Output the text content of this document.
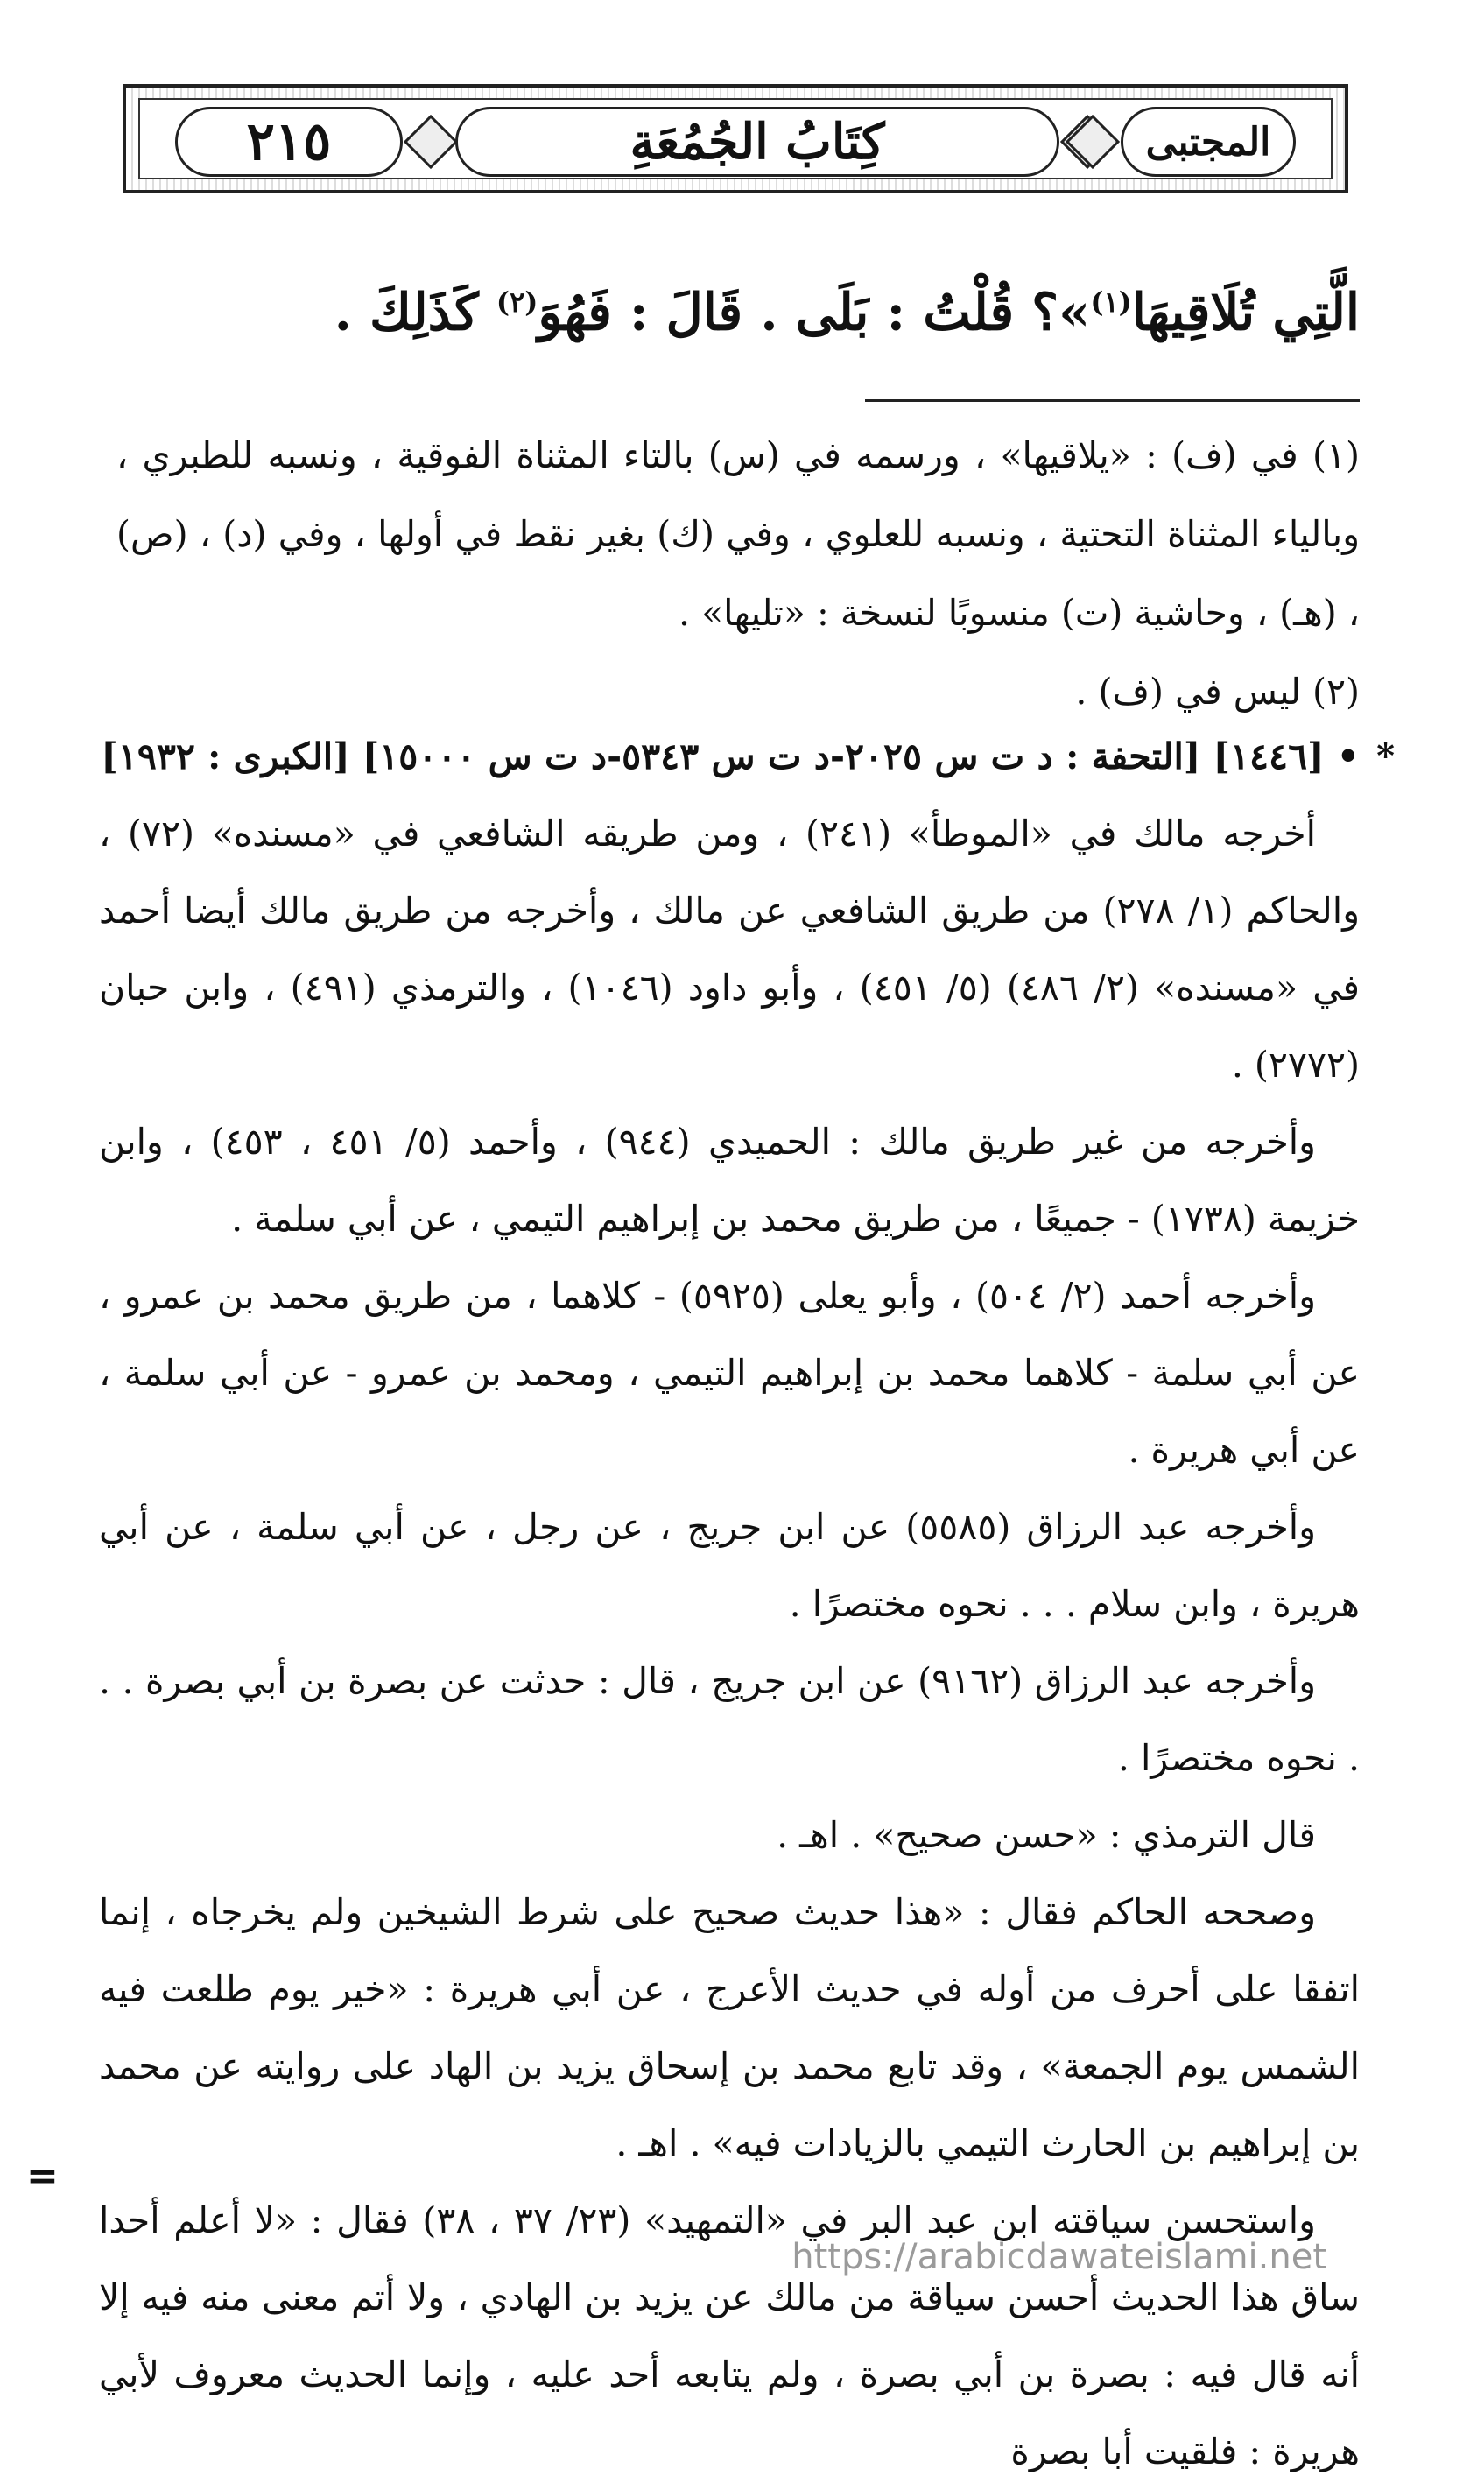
٢١٥	كِتَابُ الجُمُعَةِ	المجتبى
الَّتِي تُلَاقِيهَا$^{(١)}$»؟ قُلْتُ : بَلَى . قَالَ : فَهُوَ$^{(٢)}$ كَذَلِكَ .

(١) في (ف) : «يلاقيها» ، ورسمه في (س) بالتاء المثناة الفوقية ، ونسبه للطبري ، وبالياء المثناة التحتية ، ونسبه للعلوي ، وفي (ك) بغير نقط في أولها ، وفي (د) ، (ص) ، (هـ) ، وحاشية (ت) منسوبًا لنسخة : «تليها» .

(٢) ليس في (ف) .

*
• [١٤٤٦] [التحفة : د ت س ٢٠٢٥-د ت س ٥٣٤٣-د ت س ١٥٠٠٠] [الكبرى : ١٩٣٢]

أخرجه مالك في «الموطأ» (٢٤١) ، ومن طريقه الشافعي في «مسنده» (٧٢) ، والحاكم (١/ ٢٧٨) من طريق الشافعي عن مالك ، وأخرجه من طريق مالك أيضا أحمد في «مسنده» (٢/ ٤٨٦) (٥/ ٤٥١) ، وأبو داود (١٠٤٦) ، والترمذي (٤٩١) ، وابن حبان (٢٧٧٢) .

وأخرجه من غير طريق مالك : الحميدي (٩٤٤) ، وأحمد (٥/ ٤٥١ ، ٤٥٣) ، وابن خزيمة (١٧٣٨) - جميعًا ، من طريق محمد بن إبراهيم التيمي ، عن أبي سلمة .

وأخرجه أحمد (٢/ ٥٠٤) ، وأبو يعلى (٥٩٢٥) - كلاهما ، من طريق محمد بن عمرو ، عن أبي سلمة - كلاهما محمد بن إبراهيم التيمي ، ومحمد بن عمرو - عن أبي سلمة ، عن أبي هريرة .

وأخرجه عبد الرزاق (٥٥٨٥) عن ابن جريج ، عن رجل ، عن أبي سلمة ، عن أبي هريرة ، وابن سلام . . . نحوه مختصرًا .

وأخرجه عبد الرزاق (٩١٦٢) عن ابن جريج ، قال : حدثت عن بصرة بن أبي بصرة . . . نحوه مختصرًا .

قال الترمذي : «حسن صحيح» . اهـ .

وصححه الحاكم فقال : «هذا حديث صحيح على شرط الشيخين ولم يخرجاه ، إنما اتفقا على أحرف من أوله في حديث الأعرج ، عن أبي هريرة : «خير يوم طلعت فيه الشمس يوم الجمعة» ، وقد تابع محمد بن إسحاق يزيد بن الهاد على روايته عن محمد بن إبراهيم بن الحارث التيمي بالزيادات فيه» . اهـ .

واستحسن سياقته ابن عبد البر في «التمهيد» (٢٣/ ٣٧ ، ٣٨) فقال : «لا أعلم أحدا ساق هذا الحديث أحسن سياقة من مالك عن يزيد بن الهادي ، ولا أتم معنى منه فيه إلا أنه قال فيه : بصرة بن أبي بصرة ، ولم يتابعه أحد عليه ، وإنما الحديث معروف لأبي هريرة : فلقيت أبا بصرة

=
https://arabicdawateislami.net
